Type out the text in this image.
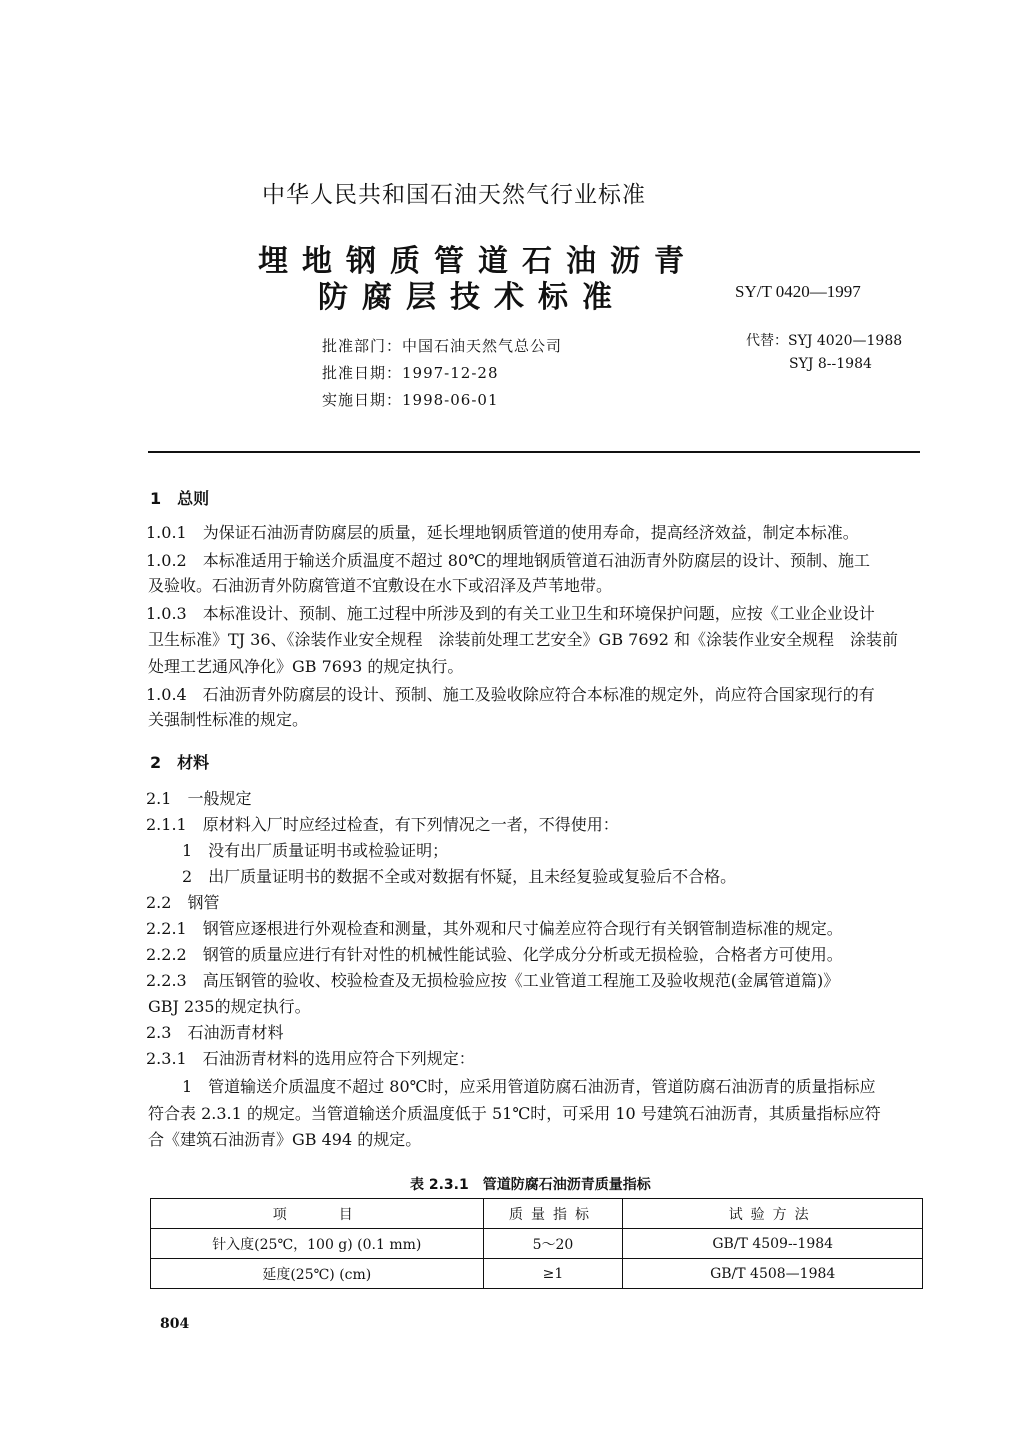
中华人民共和国石油天然气行业标准
埋地钢质管道石油沥青
防腐层技术标准	SY/T 0420—1997
批准部门：中国石油天然气总公司
批准日期：1997-12-28
实施日期：1998-06-01
代替：SYJ 4020—1988
SYJ 8--1984
1　总则
1.0.1　为保证石油沥青防腐层的质量，延长埋地钢质管道的使用寿命，提高经济效益，制定本标准。
1.0.2　本标准适用于输送介质温度不超过 80℃的埋地钢质管道石油沥青外防腐层的设计、预制、施工
及验收。石油沥青外防腐管道不宜敷设在水下或沼泽及芦苇地带。
1.0.3　本标准设计、预制、施工过程中所涉及到的有关工业卫生和环境保护问题，应按《工业企业设计
卫生标准》TJ 36、《涂装作业安全规程　涂装前处理工艺安全》GB 7692 和《涂装作业安全规程　涂装前
处理工艺通风净化》GB 7693 的规定执行。
1.0.4　石油沥青外防腐层的设计、预制、施工及验收除应符合本标准的规定外，尚应符合国家现行的有
关强制性标准的规定。
2　材料
2.1　一般规定
2.1.1　原材料入厂时应经过检查，有下列情况之一者，不得使用：
1　没有出厂质量证明书或检验证明；
2　出厂质量证明书的数据不全或对数据有怀疑，且未经复验或复验后不合格。
2.2　钢管
2.2.1　钢管应逐根进行外观检查和测量，其外观和尺寸偏差应符合现行有关钢管制造标准的规定。
2.2.2　钢管的质量应进行有针对性的机械性能试验、化学成分分析或无损检验，合格者方可使用。
2.2.3　高压钢管的验收、校验检查及无损检验应按《工业管道工程施工及验收规范(金属管道篇)》
GBJ 235的规定执行。
2.3　石油沥青材料
2.3.1　石油沥青材料的选用应符合下列规定：
1　管道输送介质温度不超过 80℃时，应采用管道防腐石油沥青，管道防腐石油沥青的质量指标应
符合表 2.3.1 的规定。当管道输送介质温度低于 51℃时，可采用 10 号建筑石油沥青，其质量指标应符
合《建筑石油沥青》GB 494 的规定。
表 2.3.1　管道防腐石油沥青质量指标
项　　目	质量指标	试验方法
针入度(25℃，100 g) (0.1 mm)	5～20	GB/T 4509--1984
延度(25℃) (cm)	≥1	GB/T 4508—1984
804
